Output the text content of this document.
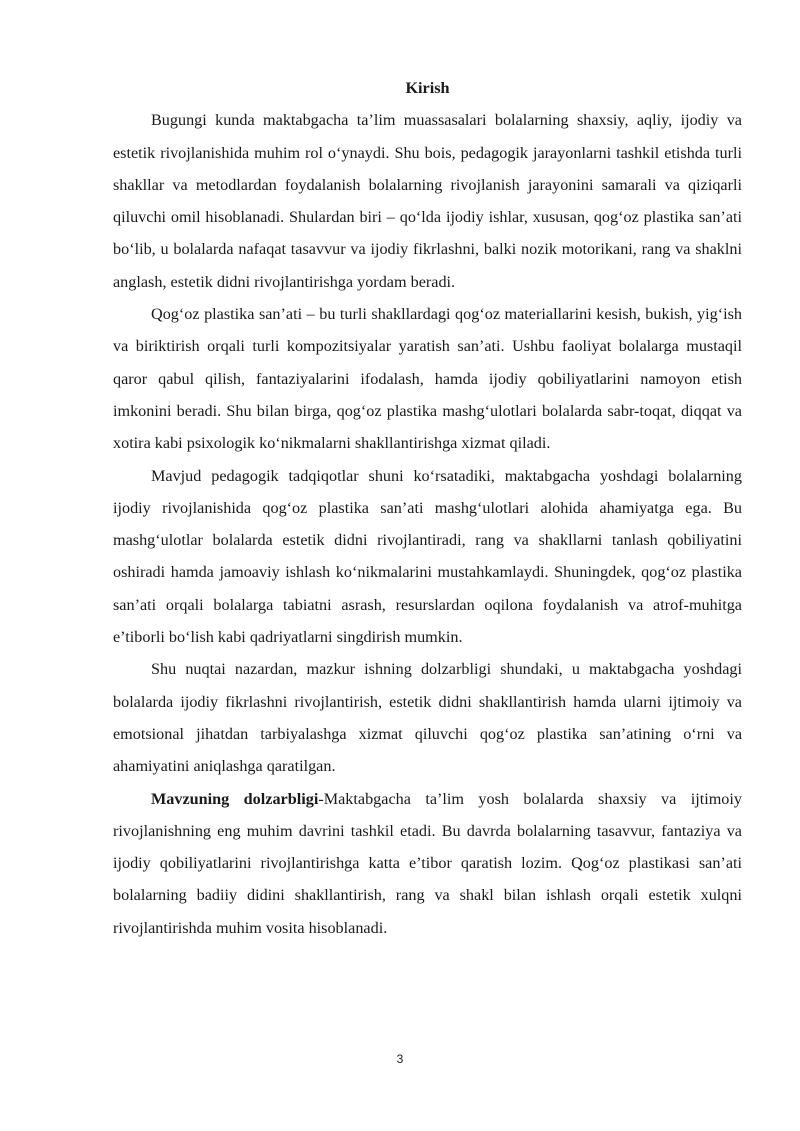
Kirish

Bugungi kunda maktabgacha ta’lim muassasalari bolalarning shaxsiy, aqliy, ijodiy va estetik rivojlanishida muhim rol o‘ynaydi. Shu bois, pedagogik jarayonlarni tashkil etishda turli shakllar va metodlardan foydalanish bolalarning rivojlanish jarayonini samarali va qiziqarli qiluvchi omil hisoblanadi. Shulardan biri – qo‘lda ijodiy ishlar, xususan, qog‘oz plastika san’ati bo‘lib, u bolalarda nafaqat tasavvur va ijodiy fikrlashni, balki nozik motorikani, rang va shaklni anglash, estetik didni rivojlantirishga yordam beradi.

Qog‘oz plastika san’ati – bu turli shakllardagi qog‘oz materiallarini kesish, bukish, yig‘ish va biriktirish orqali turli kompozitsiyalar yaratish san’ati. Ushbu faoliyat bolalarga mustaqil qaror qabul qilish, fantaziyalarini ifodalash, hamda ijodiy qobiliyatlarini namoyon etish imkonini beradi. Shu bilan birga, qog‘oz plastika mashg‘ulotlari bolalarda sabr-toqat, diqqat va xotira kabi psixologik ko‘nikmalarni shakllantirishga xizmat qiladi.

Mavjud pedagogik tadqiqotlar shuni ko‘rsatadiki, maktabgacha yoshdagi bolalarning ijodiy rivojlanishida qog‘oz plastika san’ati mashg‘ulotlari alohida ahamiyatga ega. Bu mashg‘ulotlar bolalarda estetik didni rivojlantiradi, rang va shakllarni tanlash qobiliyatini oshiradi hamda jamoaviy ishlash ko‘nikmalarini mustahkamlaydi. Shuningdek, qog‘oz plastika san’ati orqali bolalarga tabiatni asrash, resurslardan oqilona foydalanish va atrof-muhitga e’tiborli bo‘lish kabi qadriyatlarni singdirish mumkin.

Shu nuqtai nazardan, mazkur ishning dolzarbligi shundaki, u maktabgacha yoshdagi bolalarda ijodiy fikrlashni rivojlantirish, estetik didni shakllantirish hamda ularni ijtimoiy va emotsional jihatdan tarbiyalashga xizmat qiluvchi qog‘oz plastika san’atining o‘rni va ahamiyatini aniqlashga qaratilgan.

Mavzuning dolzarbligi-Maktabgacha ta’lim yosh bolalarda shaxsiy va ijtimoiy rivojlanishning eng muhim davrini tashkil etadi. Bu davrda bolalarning tasavvur, fantaziya va ijodiy qobiliyatlarini rivojlantirishga katta e’tibor qaratish lozim. Qog‘oz plastikasi san’ati bolalarning badiiy didini shakllantirish, rang va shakl bilan ishlash orqali estetik xulqni rivojlantirishda muhim vosita hisoblanadi.

3
